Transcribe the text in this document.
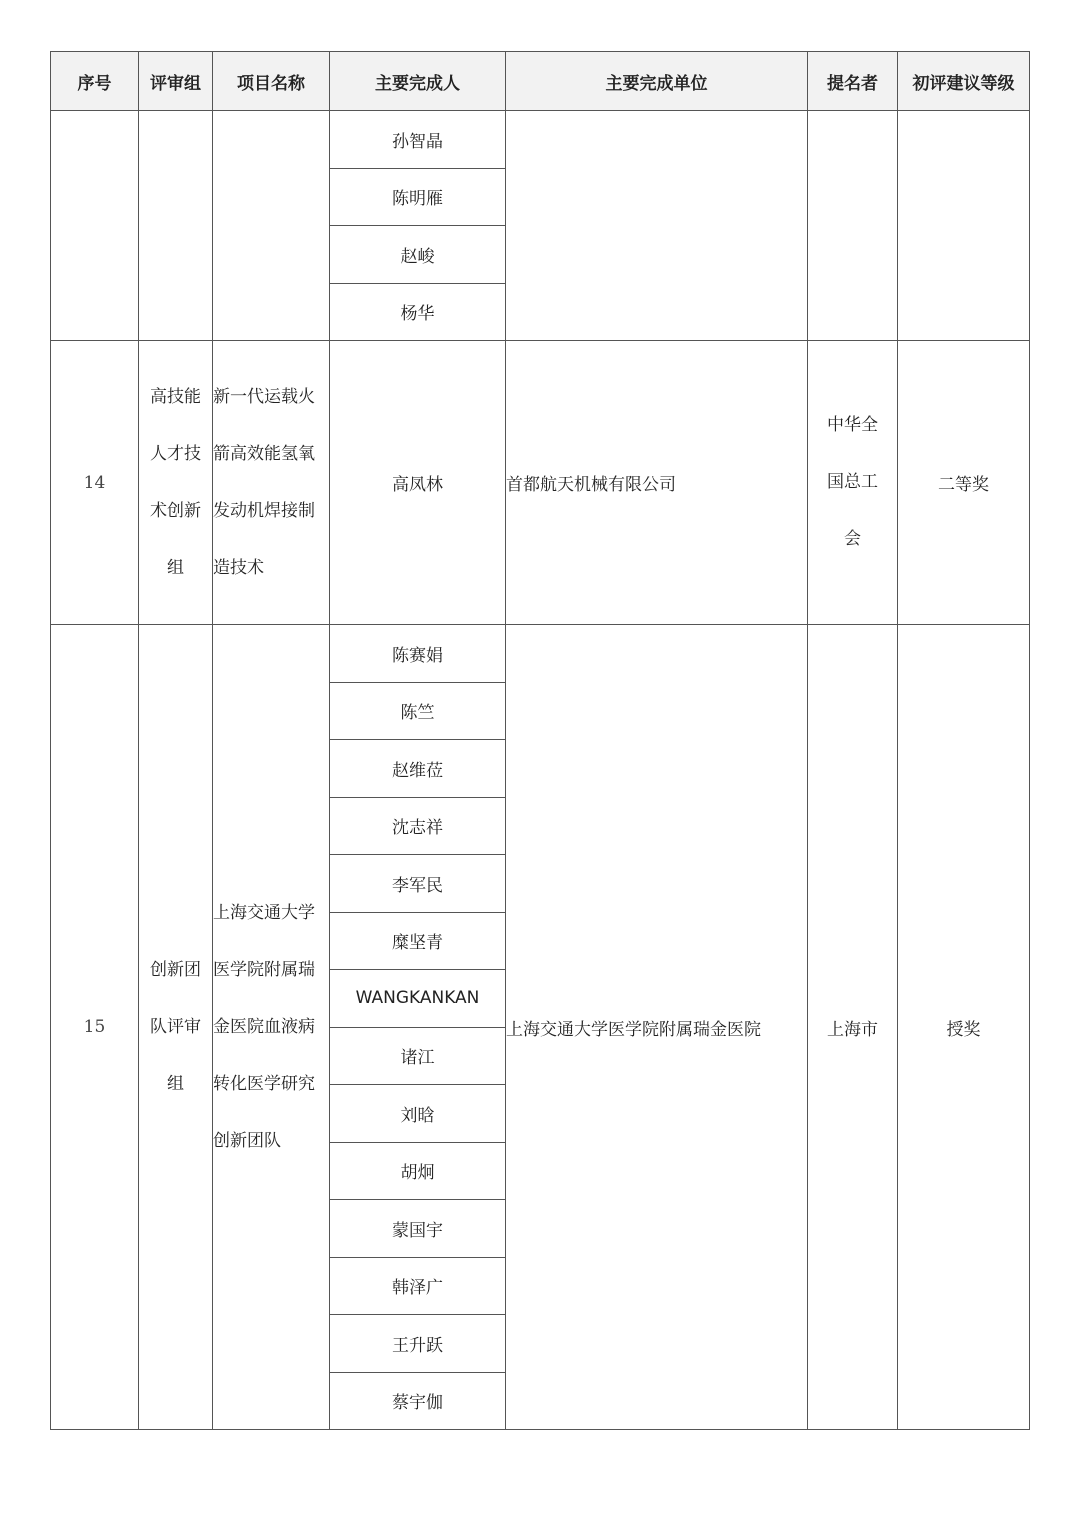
序号	评审组	项目名称	主要完成人	主要完成单位	提名者	初评建议等级
			孙智晶			
			陈明雁			
			赵峻			
			杨华			
14	高技能人才技术创新组	新一代运载火箭高效能氢氧发动机焊接制造技术	高凤林	首都航天机械有限公司	中华全国总工会	二等奖
15	创新团队评审组	上海交通大学医学院附属瑞金医院血液病转化医学研究创新团队	陈赛娟	上海交通大学医学院附属瑞金医院	上海市	授奖
			陈竺			
			赵维莅			
			沈志祥			
			李军民			
			糜坚青			
			WANGKANKAN			
			诸江			
			刘晗			
			胡炯			
			蒙国宇			
			韩泽广			
			王升跃			
			蔡宇伽			
